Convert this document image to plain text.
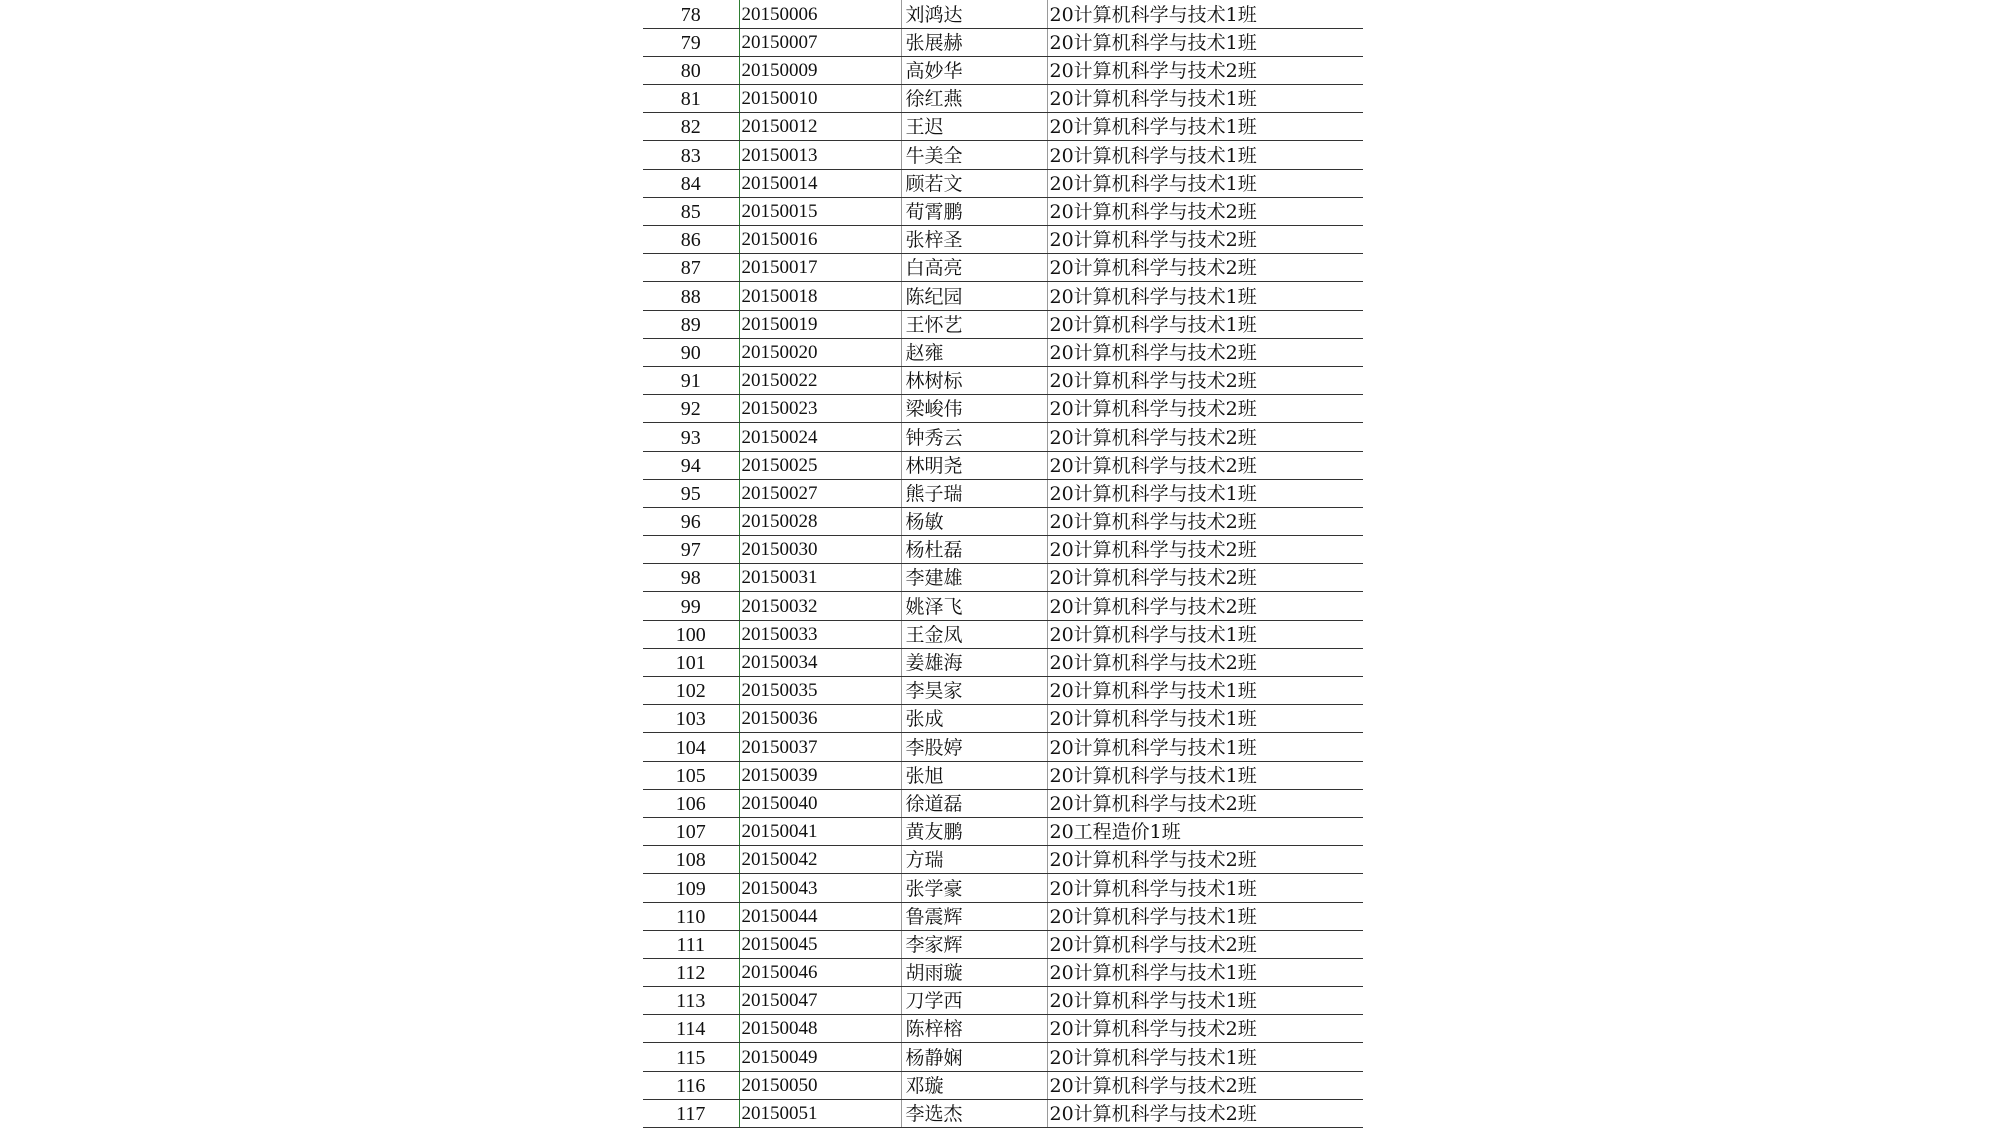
78	20150006	刘鸿达	20计算机科学与技术1班
79	20150007	张展赫	20计算机科学与技术1班
80	20150009	高妙华	20计算机科学与技术2班
81	20150010	徐红燕	20计算机科学与技术1班
82	20150012	王迟	20计算机科学与技术1班
83	20150013	牛美全	20计算机科学与技术1班
84	20150014	顾若文	20计算机科学与技术1班
85	20150015	荀霄鹏	20计算机科学与技术2班
86	20150016	张梓圣	20计算机科学与技术2班
87	20150017	白高亮	20计算机科学与技术2班
88	20150018	陈纪园	20计算机科学与技术1班
89	20150019	王怀艺	20计算机科学与技术1班
90	20150020	赵雍	20计算机科学与技术2班
91	20150022	林树标	20计算机科学与技术2班
92	20150023	梁峻伟	20计算机科学与技术2班
93	20150024	钟秀云	20计算机科学与技术2班
94	20150025	林明尧	20计算机科学与技术2班
95	20150027	熊子瑞	20计算机科学与技术1班
96	20150028	杨敏	20计算机科学与技术2班
97	20150030	杨杜磊	20计算机科学与技术2班
98	20150031	李建雄	20计算机科学与技术2班
99	20150032	姚泽飞	20计算机科学与技术2班
100	20150033	王金凤	20计算机科学与技术1班
101	20150034	姜雄海	20计算机科学与技术2班
102	20150035	李昊家	20计算机科学与技术1班
103	20150036	张成	20计算机科学与技术1班
104	20150037	李股婷	20计算机科学与技术1班
105	20150039	张旭	20计算机科学与技术1班
106	20150040	徐道磊	20计算机科学与技术2班
107	20150041	黄友鹏	20工程造价1班
108	20150042	方瑞	20计算机科学与技术2班
109	20150043	张学豪	20计算机科学与技术1班
110	20150044	鲁震辉	20计算机科学与技术1班
111	20150045	李家辉	20计算机科学与技术2班
112	20150046	胡雨璇	20计算机科学与技术1班
113	20150047	刀学西	20计算机科学与技术1班
114	20150048	陈梓榕	20计算机科学与技术2班
115	20150049	杨静娴	20计算机科学与技术1班
116	20150050	邓璇	20计算机科学与技术2班
117	20150051	李选杰	20计算机科学与技术2班
